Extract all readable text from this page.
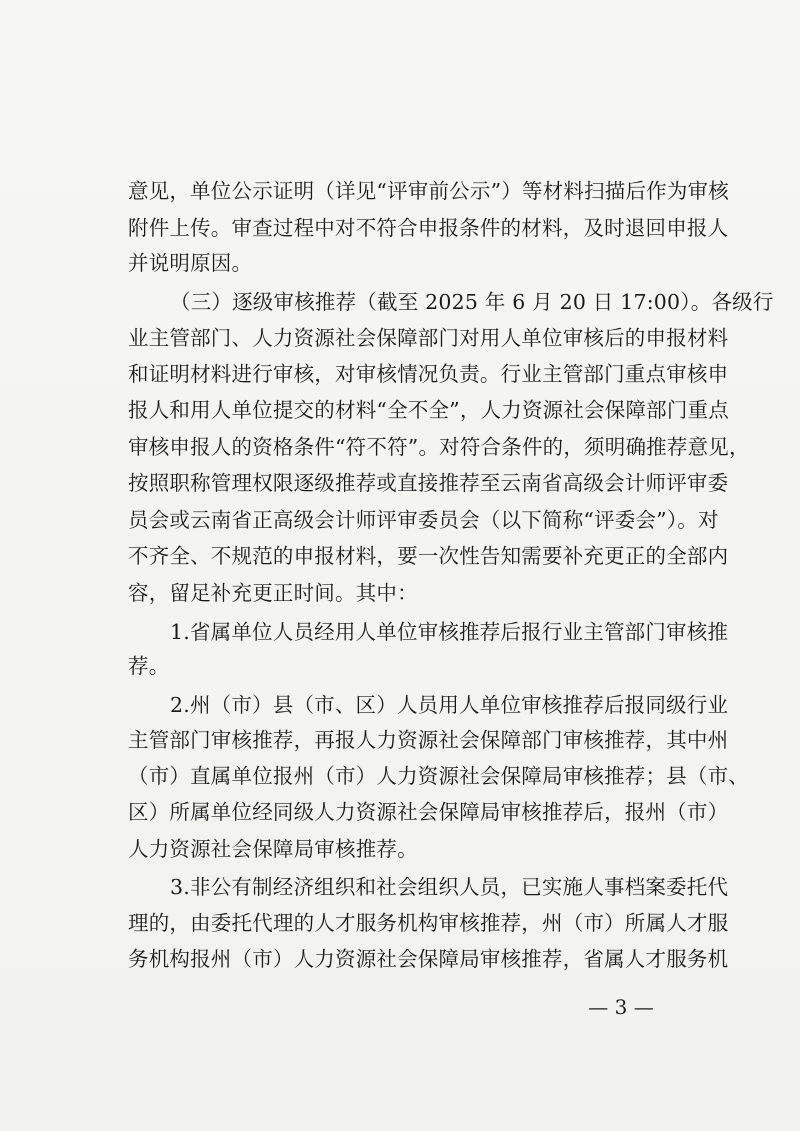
意见，单位公示证明（详见“评审前公示”）等材料扫描后作为审核
附件上传。审查过程中对不符合申报条件的材料，及时退回申报人
并说明原因。
（三）逐级审核推荐（截至 2025 年 6 月 20 日 17:00）。各级行
业主管部门、人力资源社会保障部门对用人单位审核后的申报材料
和证明材料进行审核，对审核情况负责。行业主管部门重点审核申
报人和用人单位提交的材料“全不全”，人力资源社会保障部门重点
审核申报人的资格条件“符不符”。对符合条件的，须明确推荐意见，
按照职称管理权限逐级推荐或直接推荐至云南省高级会计师评审委
员会或云南省正高级会计师评审委员会（以下简称“评委会”）。对
不齐全、不规范的申报材料，要一次性告知需要补充更正的全部内
容，留足补充更正时间。其中：
1.省属单位人员经用人单位审核推荐后报行业主管部门审核推
荐。
2.州（市）县（市、区）人员用人单位审核推荐后报同级行业
主管部门审核推荐，再报人力资源社会保障部门审核推荐，其中州
（市）直属单位报州（市）人力资源社会保障局审核推荐；县（市、
区）所属单位经同级人力资源社会保障局审核推荐后，报州（市）
人力资源社会保障局审核推荐。
3.非公有制经济组织和社会组织人员，已实施人事档案委托代
理的，由委托代理的人才服务机构审核推荐，州（市）所属人才服
务机构报州（市）人力资源社会保障局审核推荐，省属人才服务机
— 3 —
